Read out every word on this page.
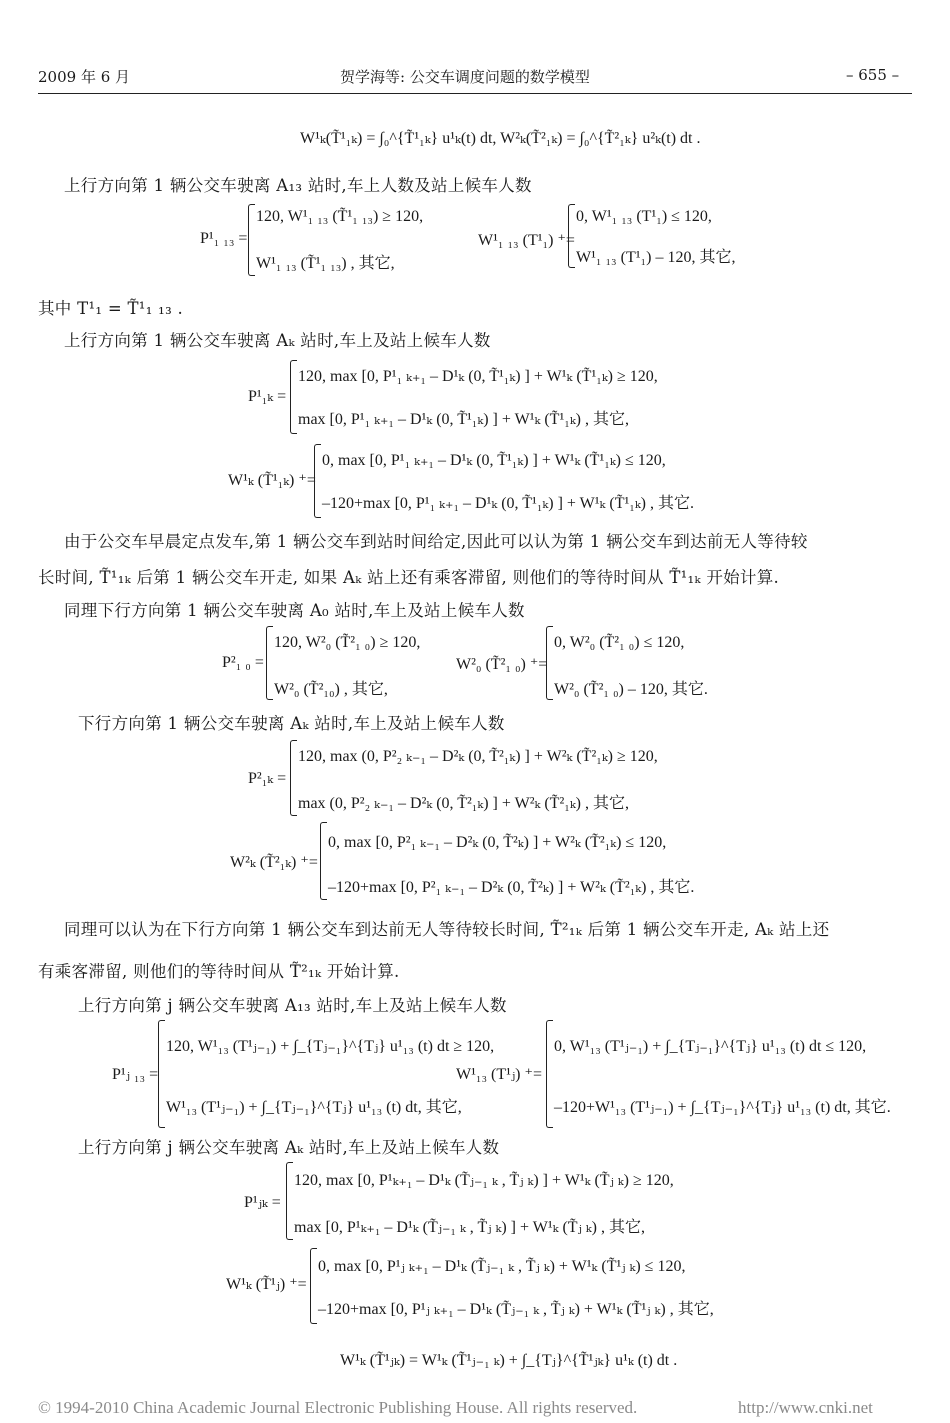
2009 年 6 月	贺学海等: 公交车调度问题的数学模型	– 655 –
W¹ₖ(T̃¹₁ₖ) = ∫₀^{T̃¹₁ₖ} u¹ₖ(t) dt, W²ₖ(T̃²₁ₖ) = ∫₀^{T̃²₁ₖ} u²ₖ(t) dt .
上行方向第 1 辆公交车驶离 A₁₃ 站时,车上人数及站上候车人数
P¹₁ ₁₃ =
120, W¹₁ ₁₃ (T̃¹₁ ₁₃) ≥ 120,
W¹₁ ₁₃ (T̃¹₁ ₁₃) , 其它,
W¹₁ ₁₃ (T¹₁) ⁺=
0, W¹₁ ₁₃ (T¹₁) ≤ 120,
W¹₁ ₁₃ (T¹₁) – 120, 其它,
其中 T¹₁ = T̃¹₁ ₁₃ .
上行方向第 1 辆公交车驶离 Aₖ 站时,车上及站上候车人数
P¹₁ₖ =
120, max [0, P¹₁ ₖ₊₁ – D¹ₖ (0, T̃¹₁ₖ) ] + W¹ₖ (T̃¹₁ₖ) ≥ 120,
max [0, P¹₁ ₖ₊₁ – D¹ₖ (0, T̃¹₁ₖ) ] + W¹ₖ (T̃¹₁ₖ) , 其它,
W¹ₖ (T̃¹₁ₖ) ⁺=
0, max [0, P¹₁ ₖ₊₁ – D¹ₖ (0, T̃¹₁ₖ) ] + W¹ₖ (T̃¹₁ₖ) ≤ 120,
–120+max [0, P¹₁ ₖ₊₁ – D¹ₖ (0, T̃¹₁ₖ) ] + W¹ₖ (T̃¹₁ₖ) , 其它.
由于公交车早晨定点发车,第 1 辆公交车到站时间给定,因此可以认为第 1 辆公交车到达前无人等待较
长时间, T̃¹₁ₖ 后第 1 辆公交车开走, 如果 Aₖ 站上还有乘客滞留, 则他们的等待时间从 T̃¹₁ₖ 开始计算.
同理下行方向第 1 辆公交车驶离 A₀ 站时,车上及站上候车人数
P²₁ ₀ =
120, W²₀ (T̃²₁ ₀) ≥ 120,
W²₀ (T̃²₁₀) , 其它,
W²₀ (T̃²₁ ₀) ⁺=
0, W²₀ (T̃²₁ ₀) ≤ 120,
W²₀ (T̃²₁ ₀) – 120, 其它.
下行方向第 1 辆公交车驶离 Aₖ 站时,车上及站上候车人数
P²₁ₖ =
120, max (0, P²₂ ₖ₋₁ – D²ₖ (0, T̃²₁ₖ) ] + W²ₖ (T̃²₁ₖ) ≥ 120,
max (0, P²₂ ₖ₋₁ – D²ₖ (0, T̃²₁ₖ) ] + W²ₖ (T̃²₁ₖ) , 其它,
W²ₖ (T̃²₁ₖ) ⁺=
0, max [0, P²₁ ₖ₋₁ – D²ₖ (0, T̃²ₖ) ] + W²ₖ (T̃²₁ₖ) ≤ 120,
–120+max [0, P²₁ ₖ₋₁ – D²ₖ (0, T̃²ₖ) ] + W²ₖ (T̃²₁ₖ) , 其它.
同理可以认为在下行方向第 1 辆公交车到达前无人等待较长时间, T̃²₁ₖ 后第 1 辆公交车开走, Aₖ 站上还
有乘客滞留, 则他们的等待时间从 T̃²₁ₖ 开始计算.
上行方向第 j 辆公交车驶离 A₁₃ 站时,车上及站上候车人数
P¹ⱼ ₁₃ =
120, W¹₁₃ (T¹ⱼ₋₁) + ∫_{Tⱼ₋₁}^{Tⱼ} u¹₁₃ (t) dt ≥ 120,
W¹₁₃ (T¹ⱼ₋₁) + ∫_{Tⱼ₋₁}^{Tⱼ} u¹₁₃ (t) dt, 其它,
W¹₁₃ (T¹ⱼ) ⁺=
0, W¹₁₃ (T¹ⱼ₋₁) + ∫_{Tⱼ₋₁}^{Tⱼ} u¹₁₃ (t) dt ≤ 120,
–120+W¹₁₃ (T¹ⱼ₋₁) + ∫_{Tⱼ₋₁}^{Tⱼ} u¹₁₃ (t) dt, 其它.
上行方向第 j 辆公交车驶离 Aₖ 站时,车上及站上候车人数
P¹ⱼₖ =
120, max [0, P¹ₖ₊₁ – D¹ₖ (T̃ⱼ₋₁ ₖ , T̃ⱼ ₖ) ] + W¹ₖ (T̃ⱼ ₖ) ≥ 120,
max [0, P¹ₖ₊₁ – D¹ₖ (T̃ⱼ₋₁ ₖ , T̃ⱼ ₖ) ] + W¹ₖ (T̃ⱼ ₖ) , 其它,
W¹ₖ (T̃¹ⱼ) ⁺=
0, max [0, P¹ⱼ ₖ₊₁ – D¹ₖ (T̃ⱼ₋₁ ₖ , T̃ⱼ ₖ) + W¹ₖ (T̃¹ⱼ ₖ) ≤ 120,
–120+max [0, P¹ⱼ ₖ₊₁ – D¹ₖ (T̃ⱼ₋₁ ₖ , T̃ⱼ ₖ) + W¹ₖ (T̃¹ⱼ ₖ) , 其它,
W¹ₖ (T̃¹ⱼₖ) = W¹ₖ (T̃¹ⱼ₋₁ ₖ) + ∫_{Tⱼ}^{T̃¹ⱼₖ} u¹ₖ (t) dt .
© 1994-2010 China Academic Journal Electronic Publishing House. All rights reserved.	http://www.cnki.net
